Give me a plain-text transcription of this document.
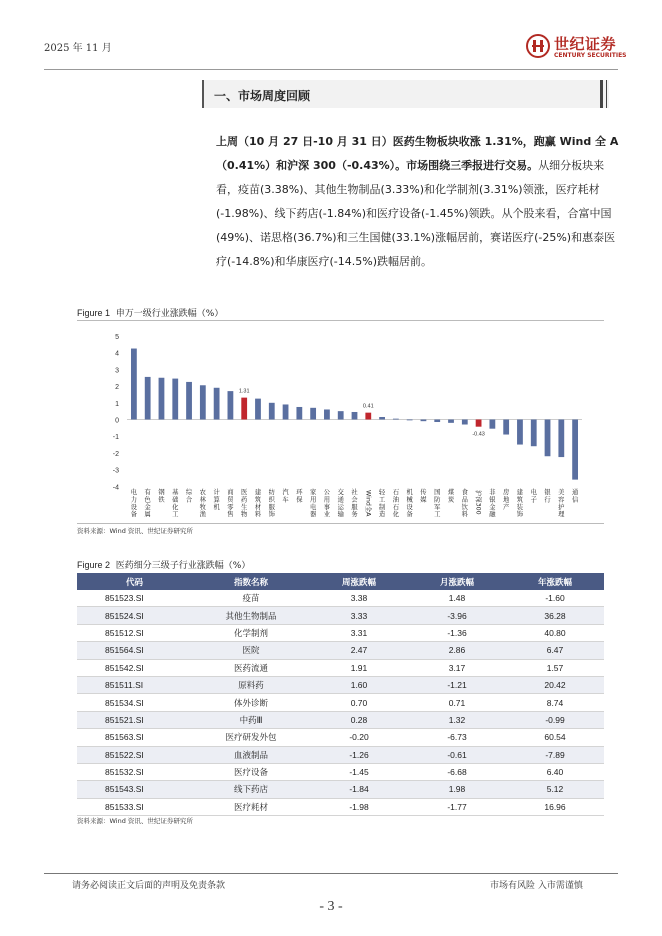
2025 年 11 月	世纪证券
CENTURY SECURITIES
一、市场周度回顾
上周（10 月 27 日-10 月 31 日）医药生物板块收涨 1.31%，跑赢 Wind 全 A（0.41%）和沪深 300（-0.43%）。市场围绕三季报进行交易。从细分板块来看，疫苗(3.38%)、其他生物制品(3.33%)和化学制剂(3.31%)领涨，医疗耗材(-1.98%)、线下药店(-1.84%)和医疗设备(-1.45%)领跌。从个股来看，合富中国(49%)、诺思格(36.7%)和三生国健(33.1%)涨幅居前，赛诺医疗(-25%)和惠泰医疗(-14.8%)和华康医疗(-14.5%)跌幅居前。
Figure 1 申万一级行业涨跌幅（%）
5
4
3
2
1
0
-1
-2
-3
-4
电力设备
有色金属
钢铁
基础化工
综合
农林牧渔
计算机
商贸零售
1.31
医药生物
建筑材料
纺织服饰
汽车
环保
家用电器
公用事业
交通运输
社会服务
0.41
Wind全A	轻工制造
石油石化
机械设备
传媒
国防军工
煤炭
食品饮料
-0.43
沪深300	非银金融
房地产
建筑装饰
电子
银行
美容护理
通信
资料来源：Wind 资讯、世纪证券研究所
Figure 2 医药细分三级子行业涨跌幅（%）
代码	指数名称	周涨跌幅	月涨跌幅	年涨跌幅
851523.SI	疫苗	3.38	1.48	-1.60
851524.SI	其他生物制品	3.33	-3.96	36.28
851512.SI	化学制剂	3.31	-1.36	40.80
851564.SI	医院	2.47	2.86	6.47
851542.SI	医药流通	1.91	3.17	1.57
851511.SI	原料药	1.60	-1.21	20.42
851534.SI	体外诊断	0.70	0.71	8.74
851521.SI	中药Ⅲ	0.28	1.32	-0.99
851563.SI	医疗研发外包	-0.20	-6.73	60.54
851522.SI	血液制品	-1.26	-0.61	-7.89
851532.SI	医疗设备	-1.45	-6.68	6.40
851543.SI	线下药店	-1.84	1.98	5.12
851533.SI	医疗耗材	-1.98	-1.77	16.96
资料来源：Wind 资讯、世纪证券研究所
请务必阅读正文后面的声明及免责条款	市场有风险 入市需谨慎
- 3 -
